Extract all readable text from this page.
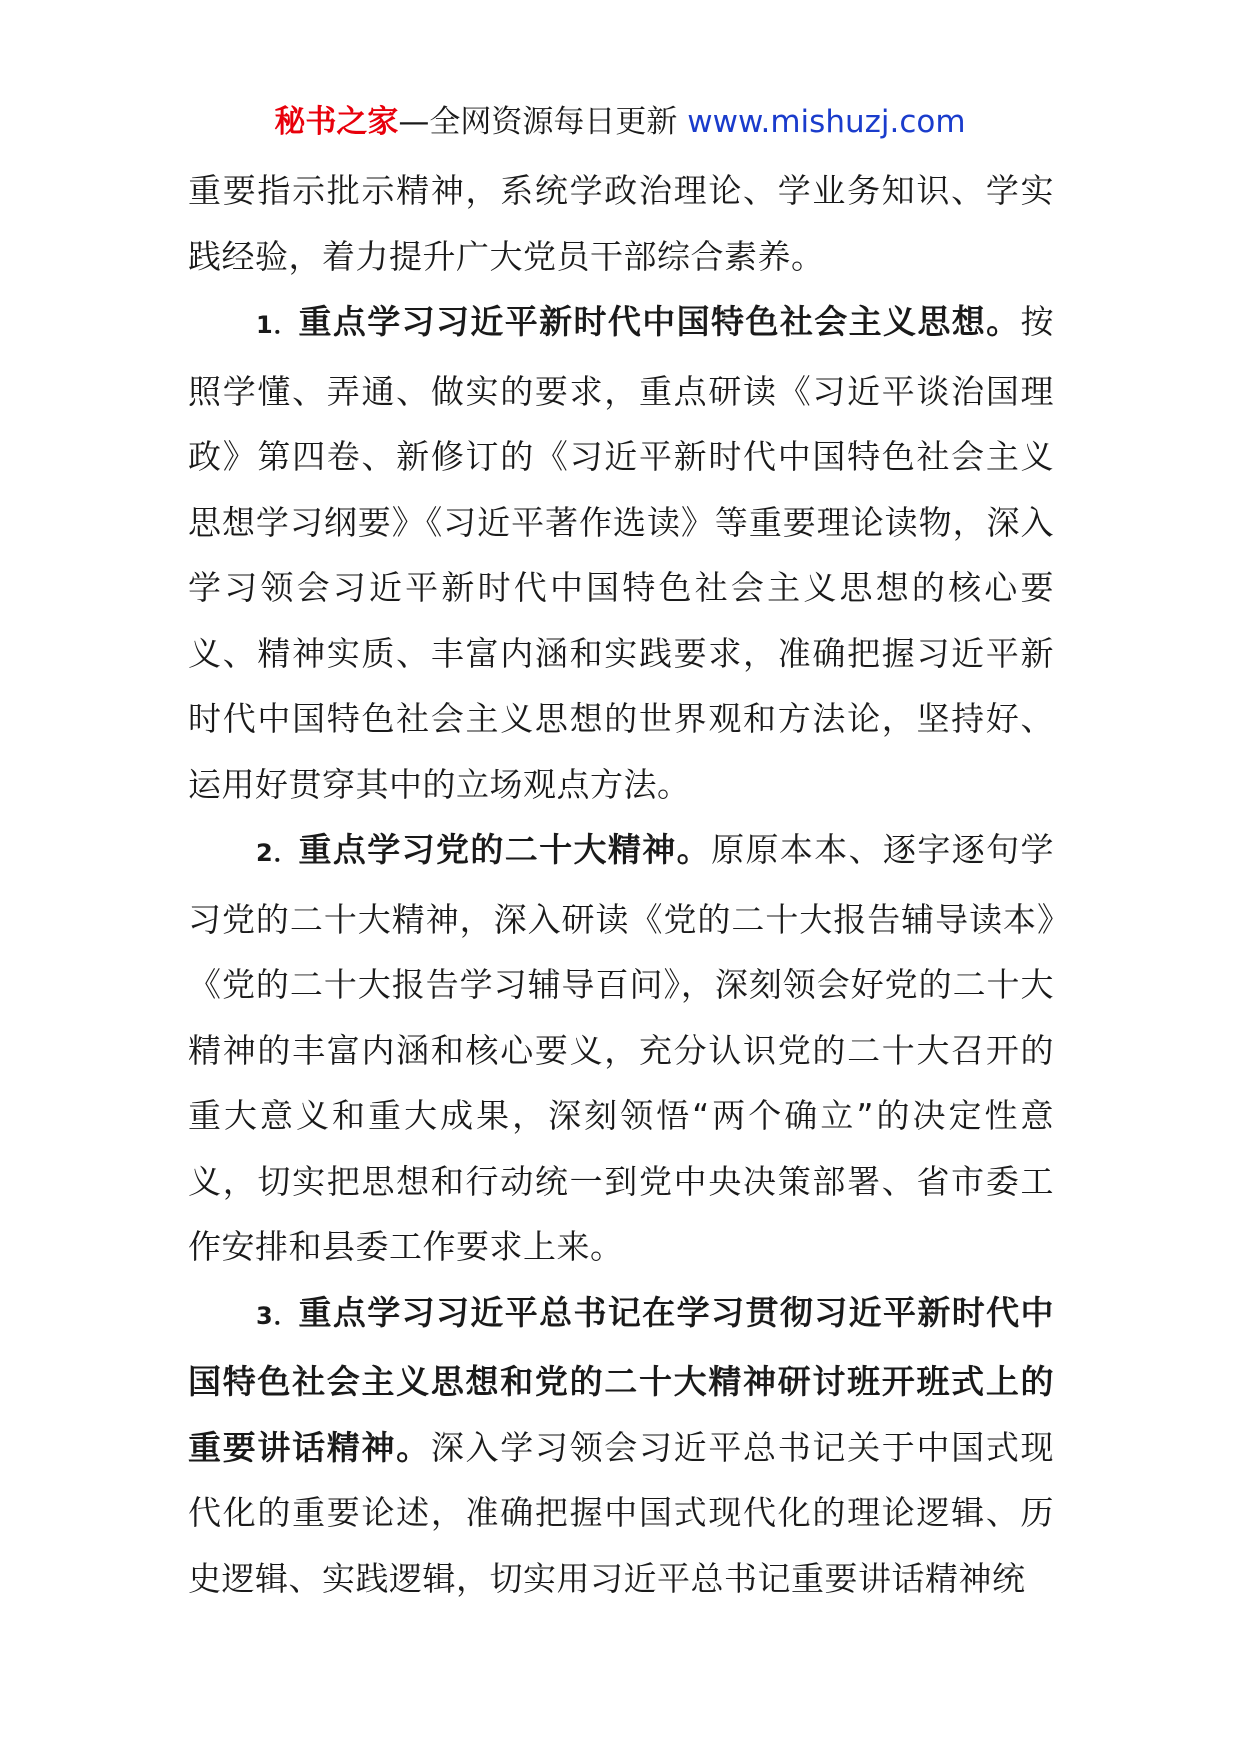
秘书之家—全网资源每日更新 www.mishuzj.com

重要指示批示精神，系统学政治理论、学业务知识、学实践经验，着力提升广大党员干部综合素养。

1．重点学习习近平新时代中国特色社会主义思想。按照学懂、弄通、做实的要求，重点研读《习近平谈治国理政》第四卷、新修订的《习近平新时代中国特色社会主义思想学习纲要》《习近平著作选读》等重要理论读物，深入学习领会习近平新时代中国特色社会主义思想的核心要义、精神实质、丰富内涵和实践要求，准确把握习近平新时代中国特色社会主义思想的世界观和方法论，坚持好、运用好贯穿其中的立场观点方法。

2．重点学习党的二十大精神。原原本本、逐字逐句学习党的二十大精神，深入研读《党的二十大报告辅导读本》《党的二十大报告学习辅导百问》，深刻领会好党的二十大精神的丰富内涵和核心要义，充分认识党的二十大召开的重大意义和重大成果，深刻领悟“两个确立”的决定性意义，切实把思想和行动统一到党中央决策部署、省市委工作安排和县委工作要求上来。

3．重点学习习近平总书记在学习贯彻习近平新时代中国特色社会主义思想和党的二十大精神研讨班开班式上的重要讲话精神。深入学习领会习近平总书记关于中国式现代化的重要论述，准确把握中国式现代化的理论逻辑、历史逻辑、实践逻辑，切实用习近平总书记重要讲话精神统
